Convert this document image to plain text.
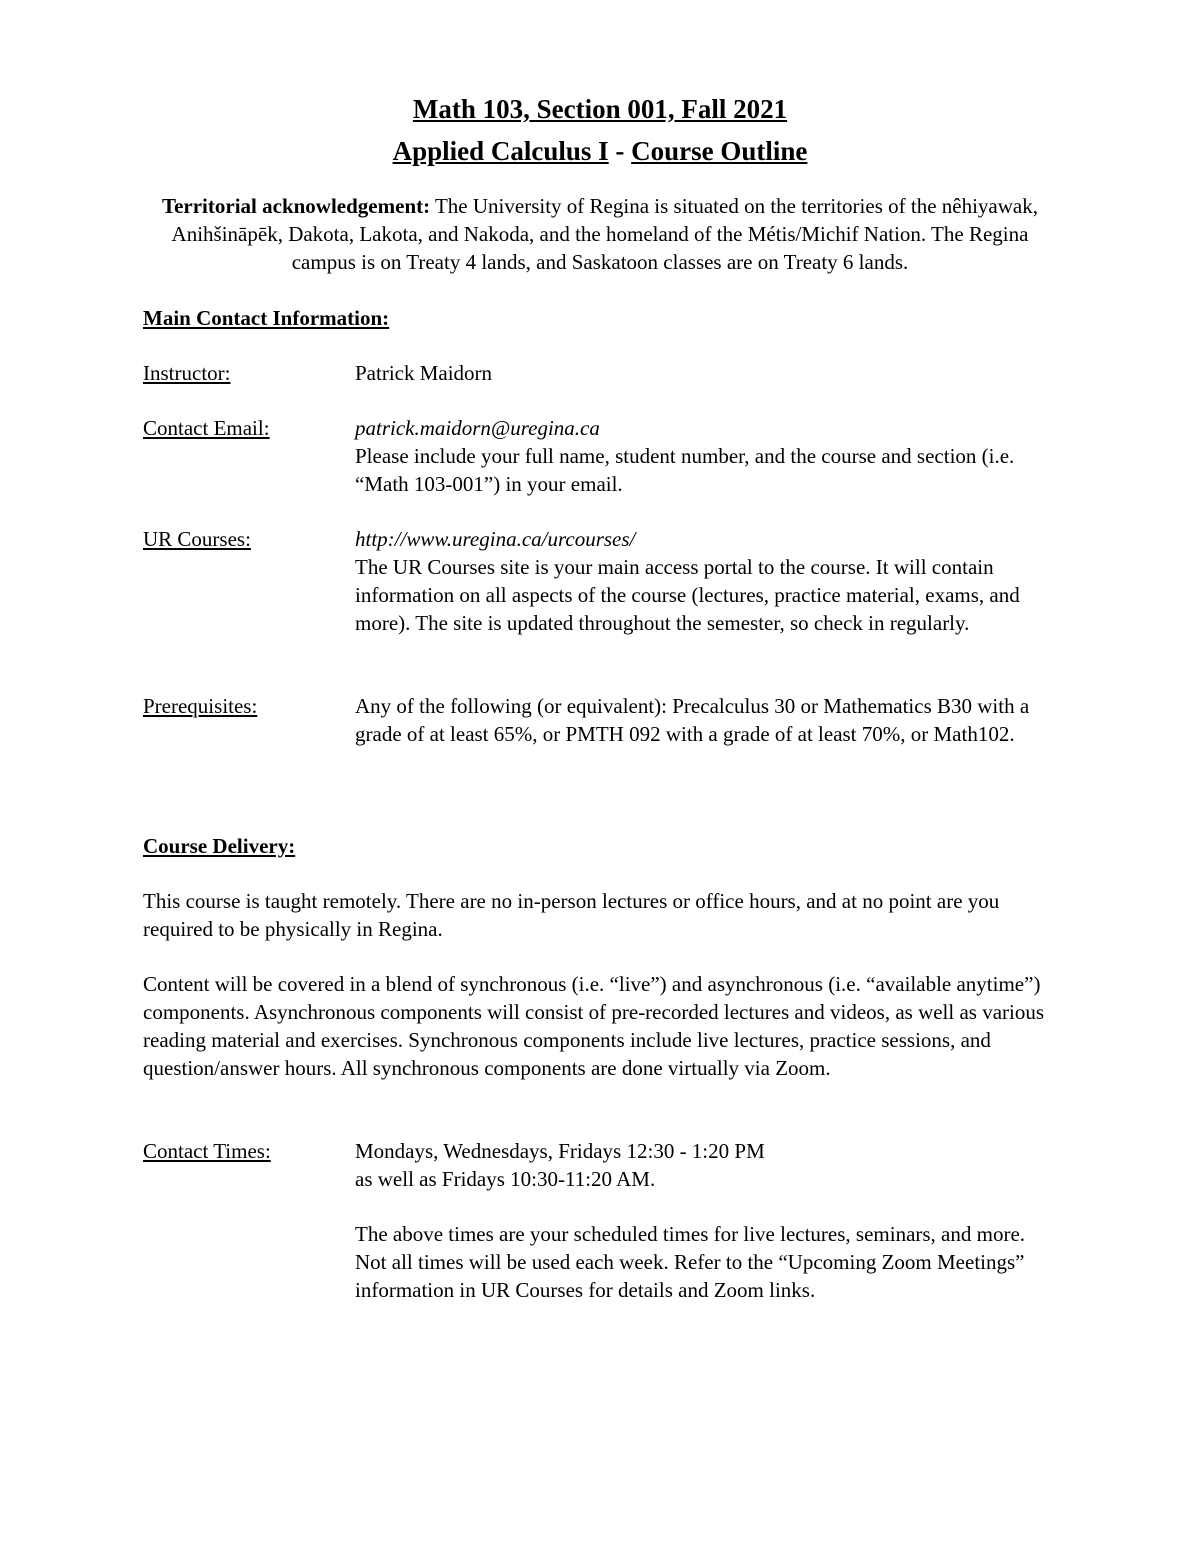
Math 103, Section 001, Fall 2021
Applied Calculus I - Course Outline
Territorial acknowledgement: The University of Regina is situated on the territories of the nêhiyawak, Anihšināpēk, Dakota, Lakota, and Nakoda, and the homeland of the Métis/Michif Nation. The Regina campus is on Treaty 4 lands, and Saskatoon classes are on Treaty 6 lands.
Main Contact Information:
Instructor:	Patrick Maidorn
Contact Email:	patrick.maidorn@uregina.ca
Please include your full name, student number, and the course and section (i.e. “Math 103-001”) in your email.
UR Courses:	http://www.uregina.ca/urcourses/
The UR Courses site is your main access portal to the course. It will contain information on all aspects of the course (lectures, practice material, exams, and more). The site is updated throughout the semester, so check in regularly.
Prerequisites:	Any of the following (or equivalent): Precalculus 30 or Mathematics B30 with a grade of at least 65%, or PMTH 092 with a grade of at least 70%, or Math102.
Course Delivery:
This course is taught remotely. There are no in-person lectures or office hours, and at no point are you required to be physically in Regina.
Content will be covered in a blend of synchronous (i.e. “live”) and asynchronous (i.e. “available anytime”) components. Asynchronous components will consist of pre-recorded lectures and videos, as well as various reading material and exercises. Synchronous components include live lectures, practice sessions, and question/answer hours. All synchronous components are done virtually via Zoom.
Contact Times:	Mondays, Wednesdays, Fridays 12:30 - 1:20 PM
as well as Fridays 10:30-11:20 AM.
The above times are your scheduled times for live lectures, seminars, and more. Not all times will be used each week. Refer to the “Upcoming Zoom Meetings” information in UR Courses for details and Zoom links.
